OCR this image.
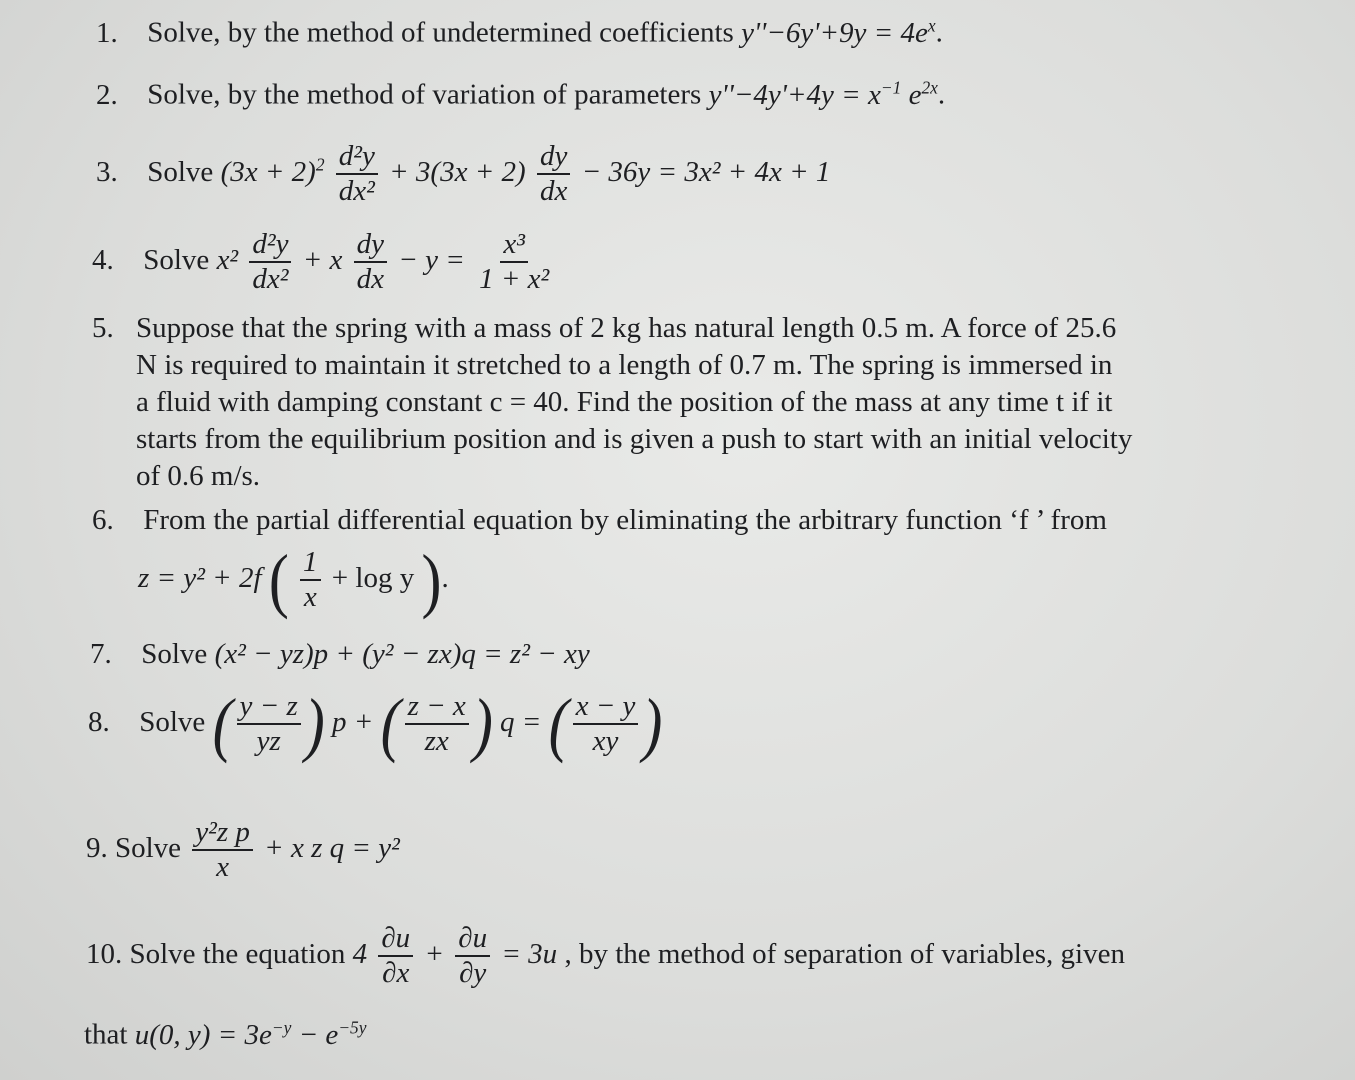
1. Solve, by the method of undetermined coefficients $y''-6y'+9y = 4e^x$.
2. Solve, by the method of variation of parameters $y''-4y'+4y = x^{-1}$ $e^{2x}$.
3. Solve $(3x + 2)^2 \frac{\text{d²y}}{\text{dx²}} + 3(3x + 2) \frac{dy}{dx} - 36y = 3x^2 + 4x + 1$
4. Solve $x^2 \frac{\text{d²y}}{\text{dx²}} + x \frac{dy}{dx} - y = \frac{\text{x³}}{\text{1 + x²}}$
5. Suppose that the spring with a mass of 2 kg has natural length 0.5 m. A force of 25.6
N is required to maintain it stretched to a length of 0.7 m. The spring is immersed in
a fluid with damping constant c = 40. Find the position of the mass at any time t if it
starts from the equilibrium position and is given a push to start with an initial velocity
of 0.6 m/s.
6. From the partial differential equation by eliminating the arbitrary function ‘f ’ from
z = y² + 2f ( $\frac{1}{x} + \log y$ ).
7. Solve (x² − yz)p + (y² − zx)q = z² − xy
8. Solve ( $\frac{y - z}{yz}$ ) p + ( $\frac{z - x}{zx}$ ) q = ( $\frac{x - y}{xy}$ )
9. Solve $\frac{\text{y²z p}}{x} + x$ z q = y²
10. Solve the equation $4 \frac{\partial u}{\partial x} + \frac{\partial u}{\partial y} = 3u$ , by the method of separation of variables, given
that u(0, $y) = 3e^{-y} - e^{-5y}$
